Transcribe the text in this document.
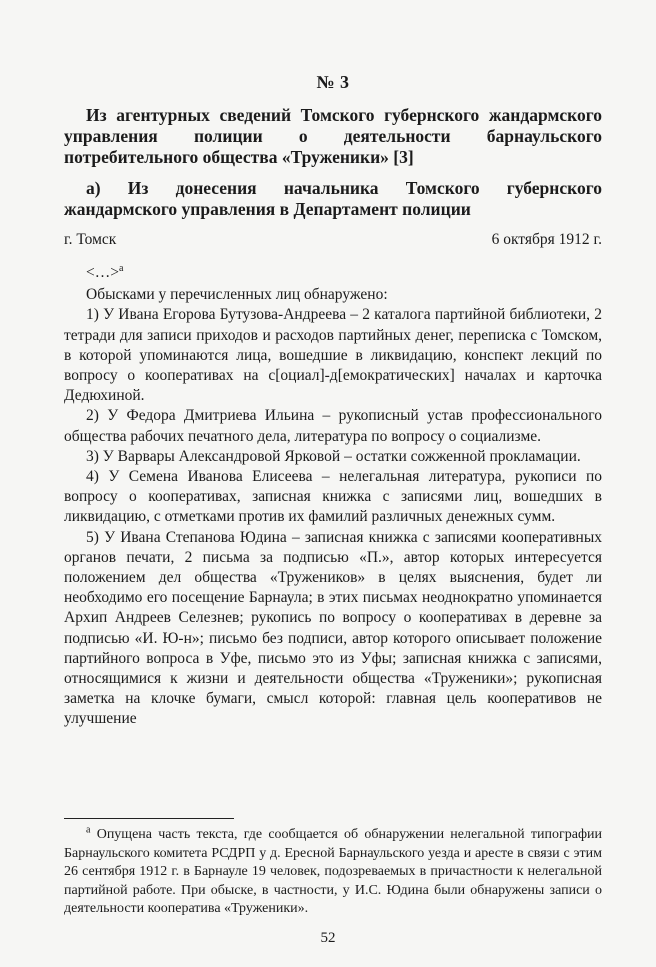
№ 3
Из агентурных сведений Томского губернского жандармского управления полиции о деятельности барнаульского потребительного общества «Труженики» [3]
а) Из донесения начальника Томского губернского жандармского управления в Департамент полиции
г. Томск	6 октября 1912 г.

<…>$^а$

Обысками у перечисленных лиц обнаружено:

1) У Ивана Егорова Бутузова-Андреева – 2 каталога партийной библиотеки, 2 тетради для записи приходов и расходов партийных денег, переписка с Томском, в которой упоминаются лица, вошедшие в ликвидацию, конспект лекций по вопросу о кооперативах на с[оциал]-д[емократических] началах и карточка Дедюхиной.

2) У Федора Дмитриева Ильина – рукописный устав профессионального общества рабочих печатного дела, литература по вопросу о социализме.

3) У Варвары Александровой Ярковой – остатки сожженной прокламации.

4) У Семена Иванова Елисеева – нелегальная литература, рукописи по вопросу о кооперативах, записная книжка с записями лиц, вошедших в ликвидацию, с отметками против их фамилий различных денежных сумм.

5) У Ивана Степанова Юдина – записная книжка с записями кооперативных органов печати, 2 письма за подписью «П.», автор которых интересуется положением дел общества «Тружеников» в целях выяснения, будет ли необходимо его посещение Барнаула; в этих письмах неоднократно упоминается Архип Андреев Селезнев; рукопись по вопросу о кооперативах в деревне за подписью «И. Ю-н»; письмо без подписи, автор которого описывает положение партийного вопроса в Уфе, письмо это из Уфы; записная книжка с записями, относящимися к жизни и деятельности общества «Труженики»; рукописная заметка на клочке бумаги, смысл которой: главная цель кооперативов не улучшение

$^а$ Опущена часть текста, где сообщается об обнаружении нелегальной типографии Барнаульского комитета РСДРП у д. Ересной Барнаульского уезда и аресте в связи с этим 26 сентября 1912 г. в Барнауле 19 человек, подозреваемых в причастности к нелегальной партийной работе. При обыске, в частности, у И.С. Юдина были обнаружены записи о деятельности кооператива «Труженики».

52
